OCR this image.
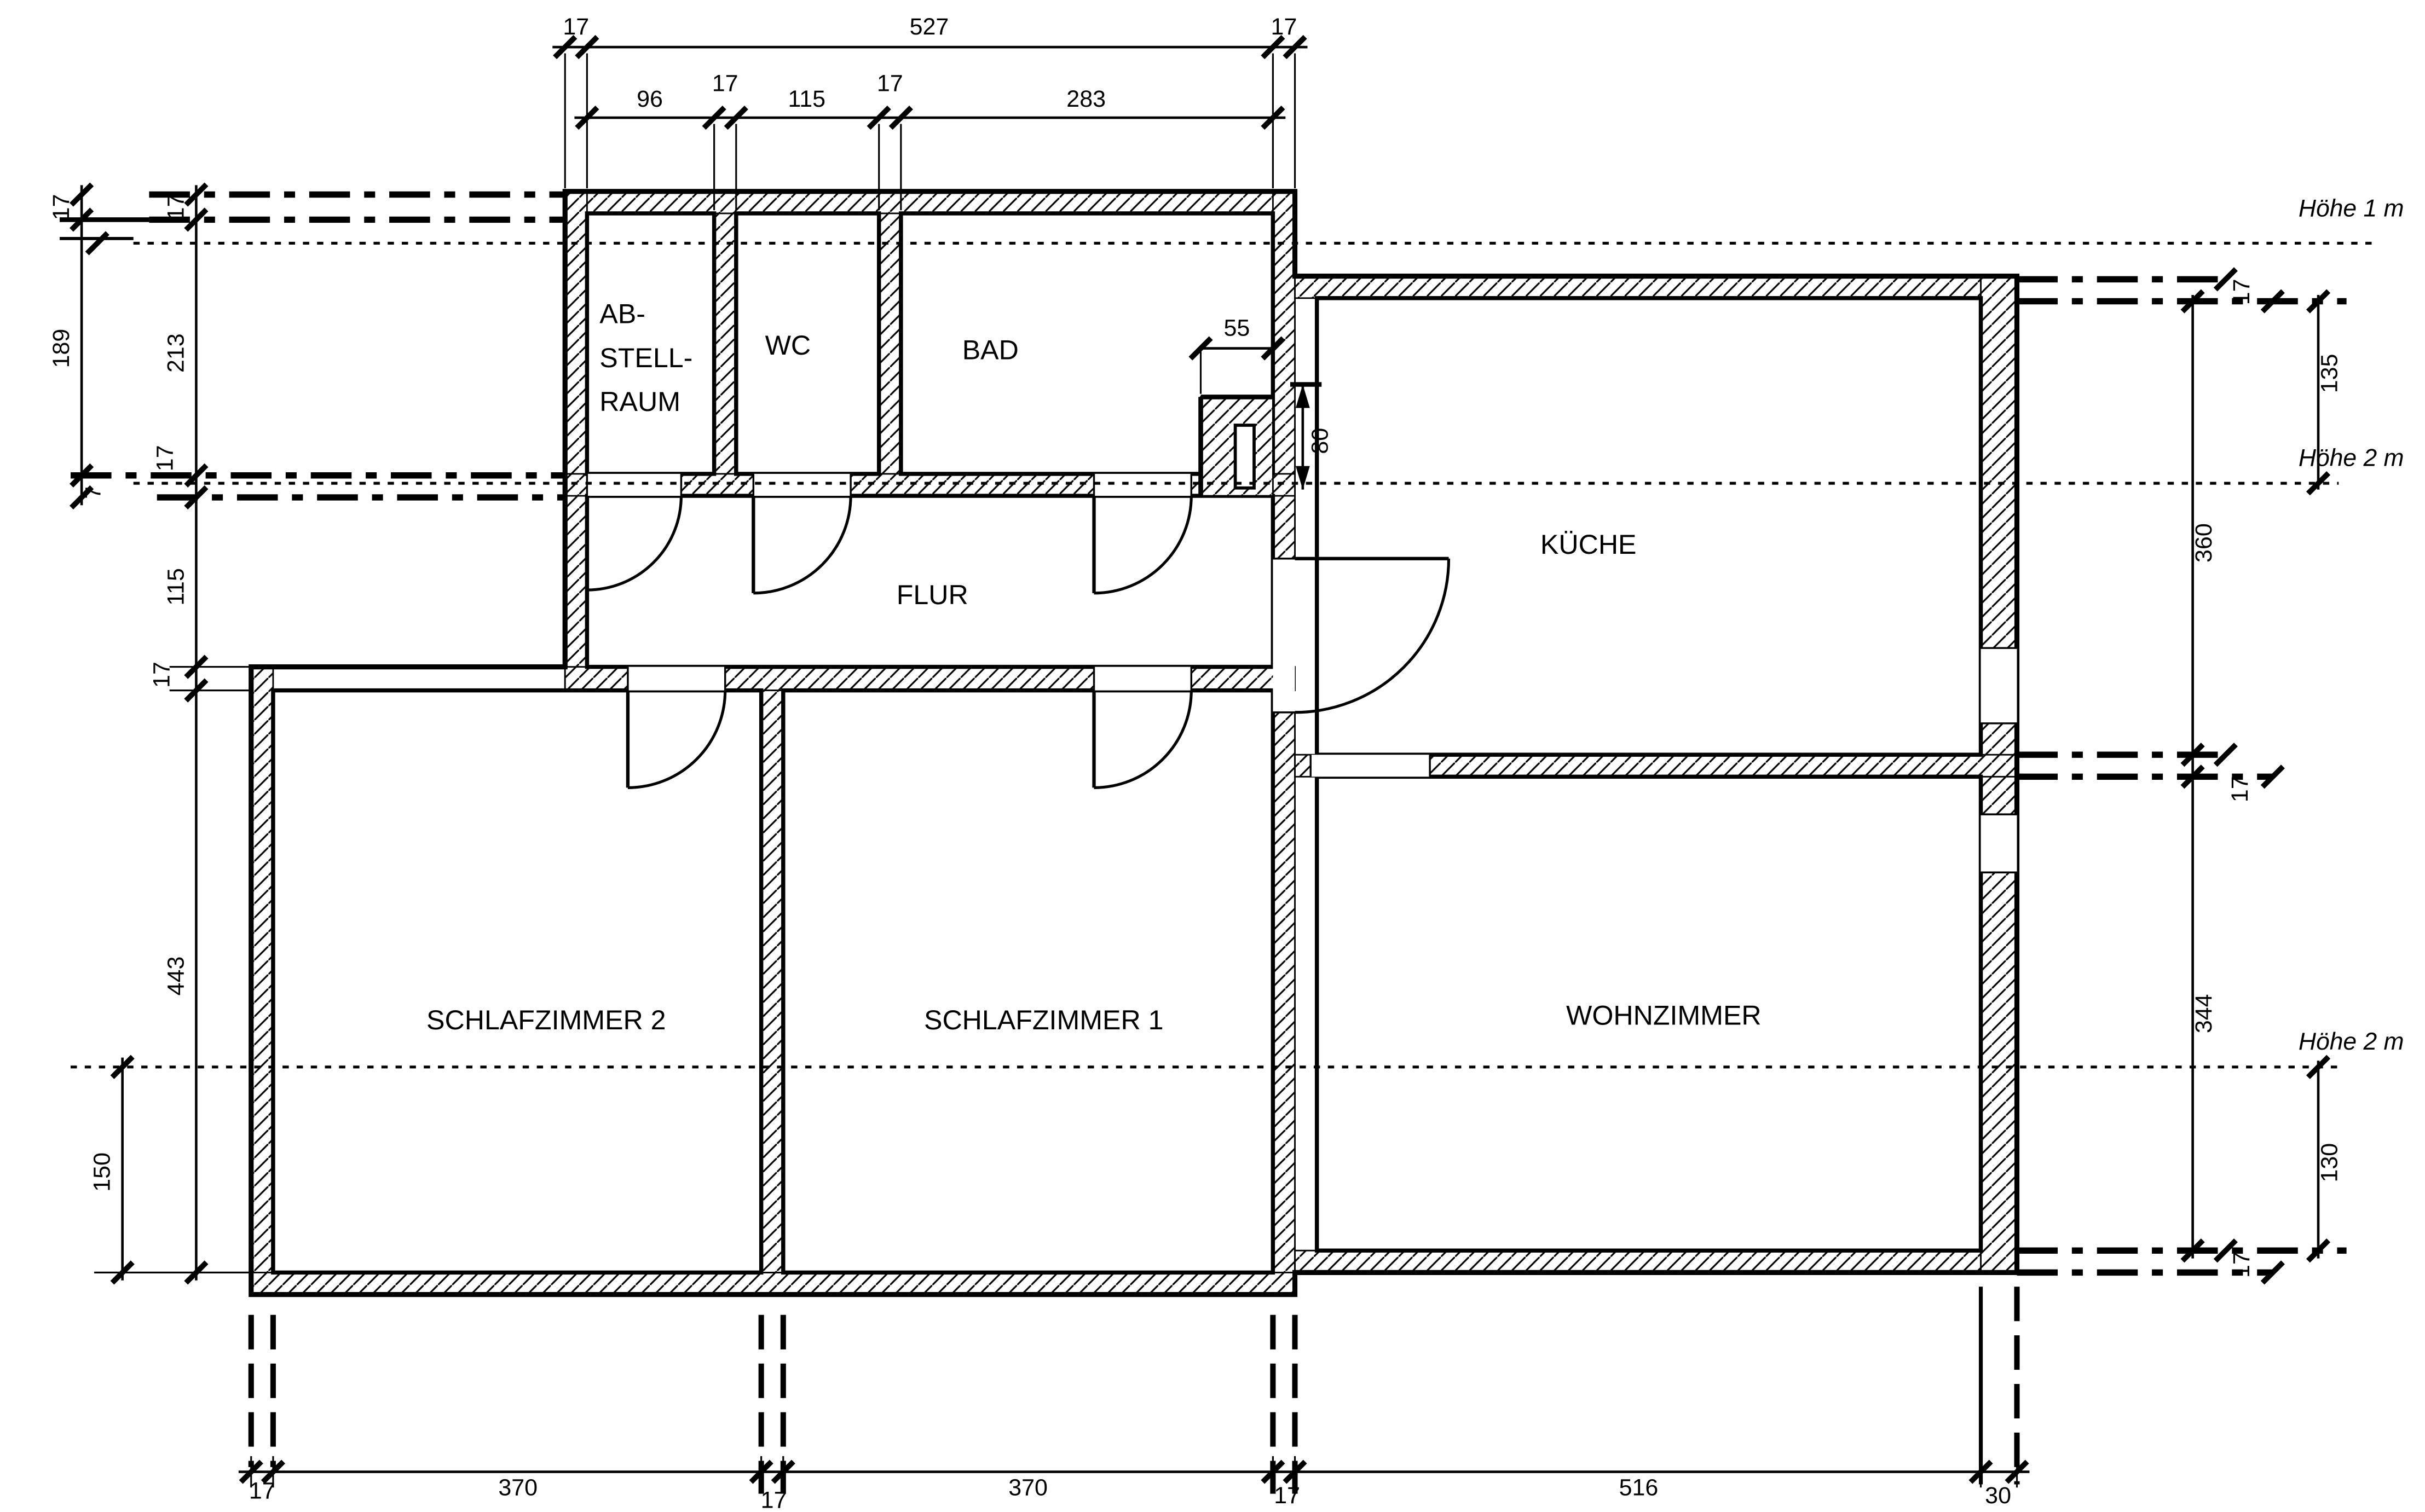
17	527	17
96
17
115
17
283
17	370	17	370	17	516	30
17
189
7
17
213
17
115
17
443
150
17
360
135
17
344
130
17
55
80
Höhe 1 m
Höhe 2 m
Höhe 2 m
AB-
STELL-
RAUM
WC	BAD
FLUR
KÜCHE
SCHLAFZIMMER 2	SCHLAFZIMMER 1	WOHNZIMMER
